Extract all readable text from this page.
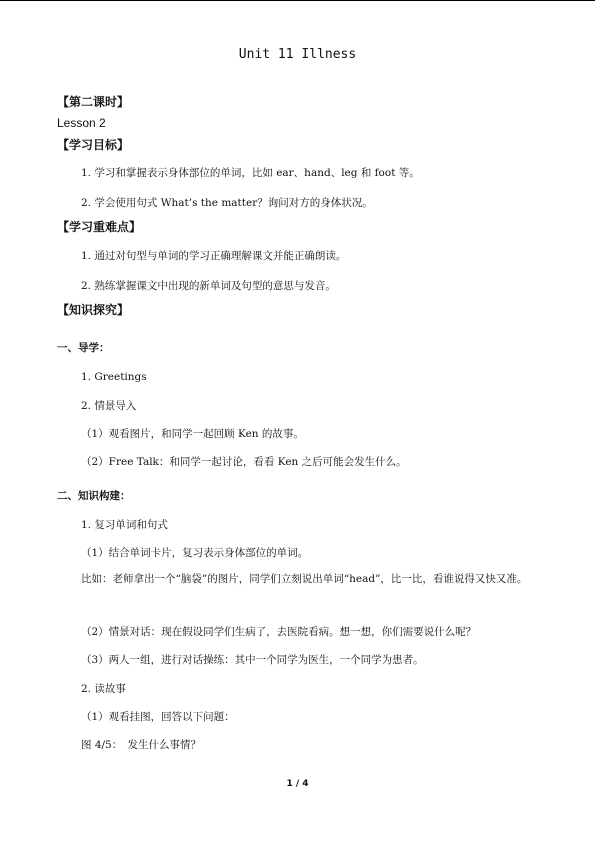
Unit 11 Illness
【第二课时】
Lesson 2
【学习目标】
1. 学习和掌握表示身体部位的单词，比如 ear、hand、leg 和 foot 等。
2. 学会使用句式 What’s the matter？询问对方的身体状况。
【学习重难点】
1. 通过对句型与单词的学习正确理解课文并能正确朗读。
2. 熟练掌握课文中出现的新单词及句型的意思与发音。
【知识探究】
一、导学：
1. Greetings
2. 情景导入
（1）观看图片，和同学一起回顾 Ken 的故事。
（2）Free Talk：和同学一起讨论，看看 Ken 之后可能会发生什么。
二、知识构建：
1. 复习单词和句式
（1）结合单词卡片，复习表示身体部位的单词。
比如：老师拿出一个“脑袋”的图片，同学们立刻说出单词“head”，比一比，看谁说得又快又准。
（2）情景对话：现在假设同学们生病了，去医院看病。想一想，你们需要说什么呢？
（3）两人一组，进行对话操练：其中一个同学为医生，一个同学为患者。
2. 读故事
（1）观看挂图，回答以下问题：
图 4/5：　发生什么事情？
1 / 4
